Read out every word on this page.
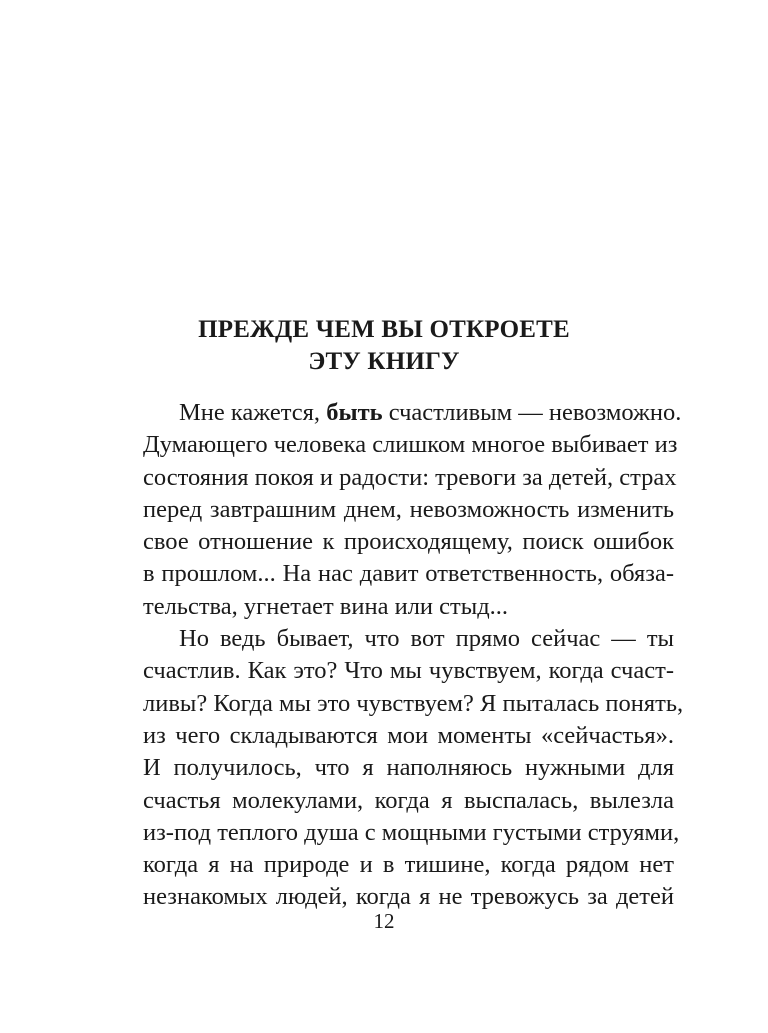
ПРЕЖДЕ ЧЕМ ВЫ ОТКРОЕТЕ
ЭТУ КНИГУ
Мне кажется, быть счастливым — невозможно.
Думающего человека слишком многое выбивает из
состояния покоя и радости: тревоги за детей, страх
перед завтрашним днем, невозможность изменить
свое отношение к происходящему, поиск ошибок
в прошлом... На нас давит ответственность, обяза-
тельства, угнетает вина или стыд...
Но ведь бывает, что вот прямо сейчас — ты
счастлив. Как это? Что мы чувствуем, когда счаст-
ливы? Когда мы это чувствуем? Я пыталась понять,
из чего складываются мои моменты «сейчастья».
И получилось, что я наполняюсь нужными для
счастья молекулами, когда я выспалась, вылезла
из-под теплого душа с мощными густыми струями,
когда я на природе и в тишине, когда рядом нет
незнакомых людей, когда я не тревожусь за детей
12
